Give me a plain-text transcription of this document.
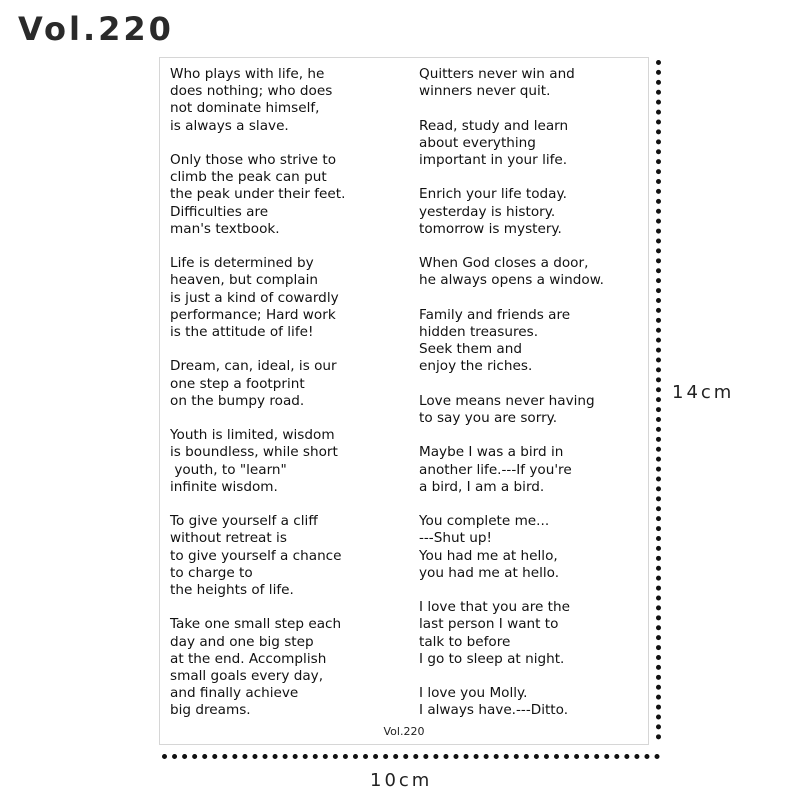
Vol.220
Who plays with life, he
does nothing; who does
not dominate himself,
is always a slave.
Only those who strive to
climb the peak can put
the peak under their feet.
Difficulties are
man's textbook.
Life is determined by
heaven, but complain
is just a kind of cowardly
performance; Hard work
is the attitude of life!
Dream, can, ideal, is our
one step a footprint
on the bumpy road.
Youth is limited, wisdom
is boundless, while short
youth, to "learn"
infinite wisdom.
To give yourself a cliff
without retreat is
to give yourself a chance
to charge to
the heights of life.
Take one small step each
day and one big step
at the end. Accomplish
small goals every day,
and finally achieve
big dreams.
Quitters never win and
winners never quit.
Read, study and learn
about everything
important in your life.
Enrich your life today.
yesterday is history.
tomorrow is mystery.
When God closes a door,
he always opens a window.
Family and friends are
hidden treasures.
Seek them and
enjoy the riches.
Love means never having
to say you are sorry.
Maybe I was a bird in
another life.---If you're
a bird, I am a bird.
You complete me...
---Shut up!
You had me at hello,
you had me at hello.
I love that you are the
last person I want to
talk to before
I go to sleep at night.
I love you Molly.
I always have.---Ditto.
Vol.220
14cm
10cm
